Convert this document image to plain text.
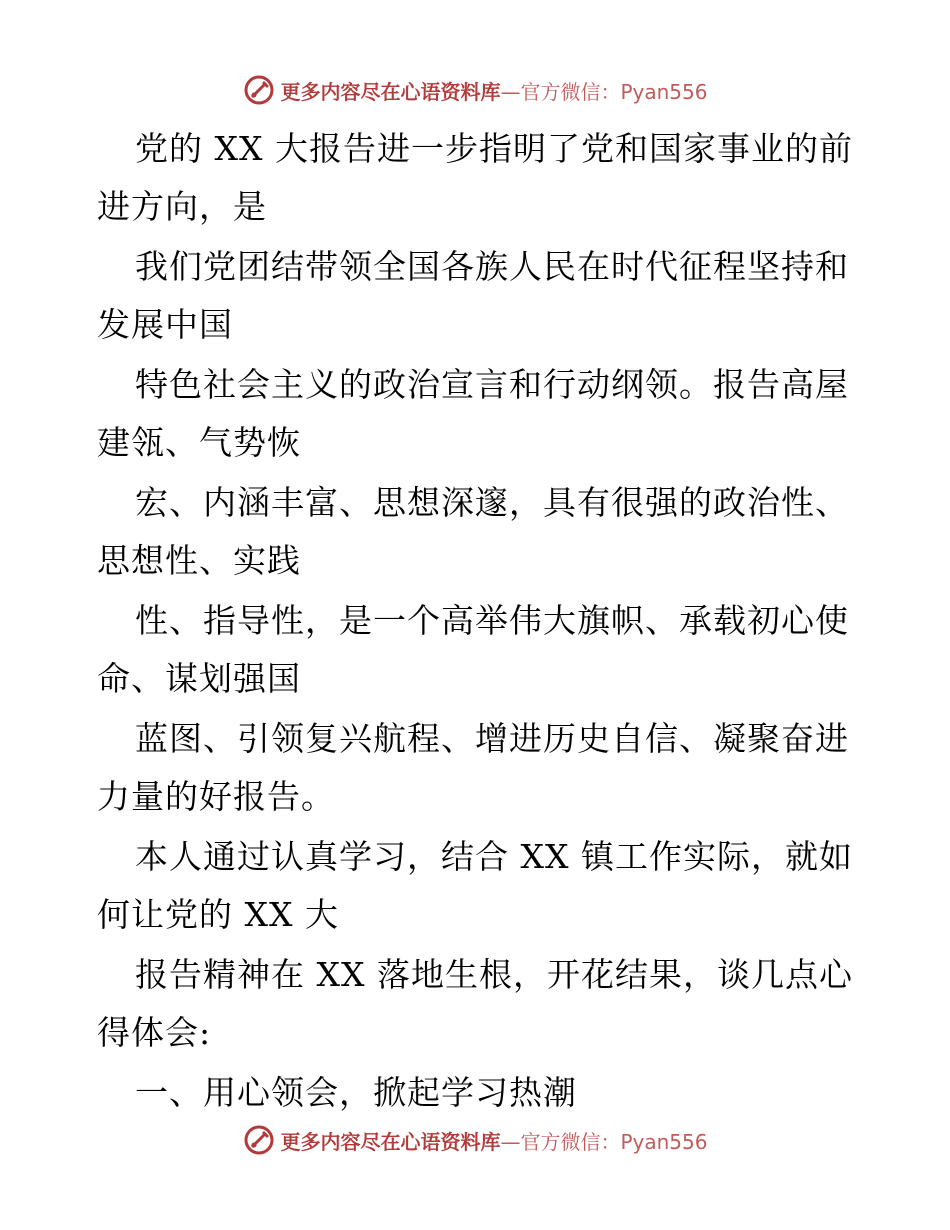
更多内容尽在心语资料库—官方微信：Pyan556
党的 XX 大报告进一步指明了党和国家事业的前
进方向，是
我们党团结带领全国各族人民在时代征程坚持和
发展中国
特色社会主义的政治宣言和行动纲领。报告高屋
建瓴、气势恢
宏、内涵丰富、思想深邃，具有很强的政治性、
思想性、实践
性、指导性，是一个高举伟大旗帜、承载初心使
命、谋划强国
蓝图、引领复兴航程、增进历史自信、凝聚奋进
力量的好报告。
本人通过认真学习，结合 XX 镇工作实际，就如
何让党的 XX 大
报告精神在 XX 落地生根，开花结果，谈几点心
得体会:
一、用心领会，掀起学习热潮
更多内容尽在心语资料库—官方微信：Pyan556
